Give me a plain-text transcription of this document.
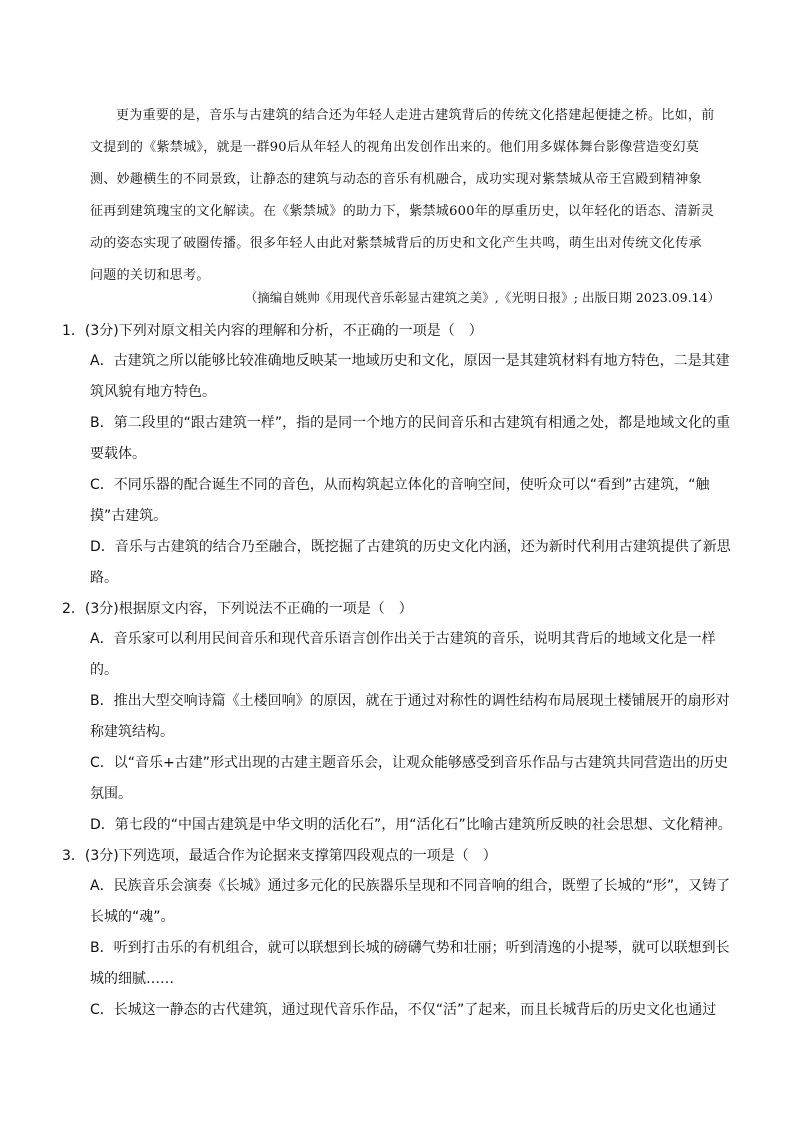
更为重要的是，音乐与古建筑的结合还为年轻人走进古建筑背后的传统文化搭建起便捷之桥。比如，前文提到的《紫禁城》，就是一群90后从年轻人的视角出发创作出来的。他们用多媒体舞台影像营造变幻莫测、妙趣横生的不同景致，让静态的建筑与动态的音乐有机融合，成功实现对紫禁城从帝王宫殿到精神象征再到建筑瑰宝的文化解读。在《紫禁城》的助力下，紫禁城600年的厚重历史，以年轻化的语态、清新灵动的姿态实现了破圈传播。很多年轻人由此对紫禁城背后的历史和文化产生共鸣，萌生出对传统文化传承问题的关切和思考。
（摘编自姚帅《用现代音乐彰显古建筑之美》,《光明日报》; 出版日期 2023.09.14）

1．(3分)下列对原文相关内容的理解和分析，不正确的一项是（　）

A．古建筑之所以能够比较准确地反映某一地域历史和文化，原因一是其建筑材料有地方特色，二是其建筑风貌有地方特色。

B．第二段里的“跟古建筑一样”，指的是同一个地方的民间音乐和古建筑有相通之处，都是地域文化的重要载体。

C．不同乐器的配合诞生不同的音色，从而构筑起立体化的音响空间，使听众可以“看到”古建筑，“触摸”古建筑。

D．音乐与古建筑的结合乃至融合，既挖掘了古建筑的历史文化内涵，还为新时代利用古建筑提供了新思路。

2．(3分)根据原文内容，下列说法不正确的一项是（　）

A．音乐家可以利用民间音乐和现代音乐语言创作出关于古建筑的音乐，说明其背后的地域文化是一样的。

B．推出大型交响诗篇《土楼回响》的原因，就在于通过对称性的调性结构布局展现土楼铺展开的扇形对称建筑结构。

C．以“音乐+古建”形式出现的古建主题音乐会，让观众能够感受到音乐作品与古建筑共同营造出的历史氛围。

D．第七段的“中国古建筑是中华文明的活化石”，用“活化石”比喻古建筑所反映的社会思想、文化精神。

3．(3分)下列选项，最适合作为论据来支撑第四段观点的一项是（　）

A．民族音乐会演奏《长城》通过多元化的民族器乐呈现和不同音响的组合，既塑了长城的“形”，又铸了长城的“魂”。

B．听到打击乐的有机组合，就可以联想到长城的磅礴气势和壮丽；听到清逸的小提琴，就可以联想到长城的细腻……

C．长城这一静态的古代建筑，通过现代音乐作品，不仅“活”了起来，而且长城背后的历史文化也通过
